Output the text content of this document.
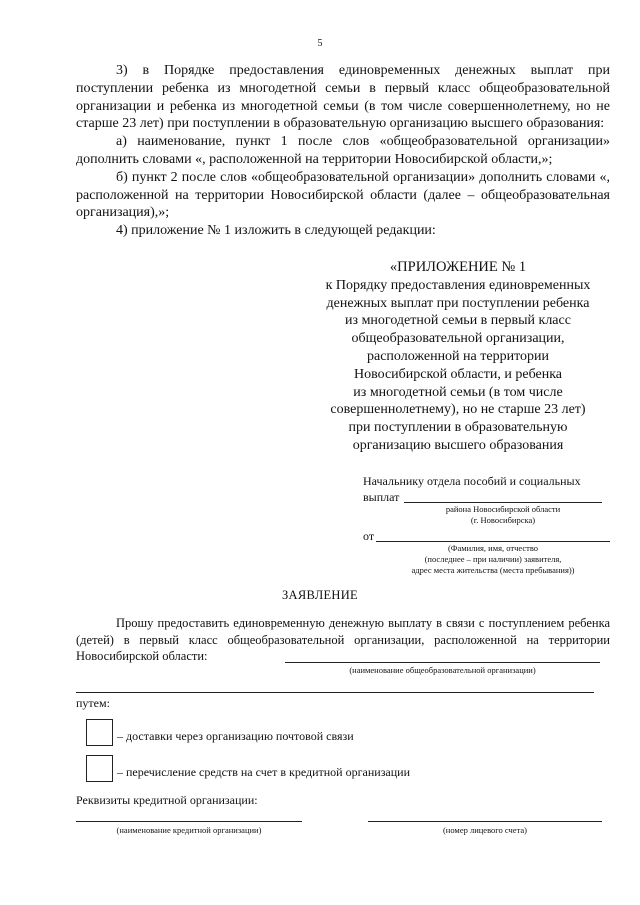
5
3) в Порядке предоставления единовременных денежных выплат при поступлении ребенка из многодетной семьи в первый класс общеобразовательной организации и ребенка из многодетной семьи (в том числе совершеннолетнему, но не старше 23 лет) при поступлении в образовательную организацию высшего образования:
а) наименование, пункт 1 после слов «общеобразовательной организации» дополнить словами «, расположенной на территории Новосибирской области,»;
б) пункт 2 после слов «общеобразовательной организации» дополнить словами «, расположенной на территории Новосибирской области (далее – общеобразовательная организация),»;
4) приложение № 1 изложить в следующей редакции:
«ПРИЛОЖЕНИЕ № 1
к Порядку предоставления единовременных
денежных выплат при поступлении ребенка
из многодетной семьи в первый класс
общеобразовательной организации,
расположенной на территории
Новосибирской области, и ребенка
из многодетной семьи (в том числе
совершеннолетнему), но не старше 23 лет)
при поступлении в образовательную
организацию высшего образования
Начальнику отдела пособий и социальных
выплат
района Новосибирской области
(г. Новосибирска)
от
(Фамилия, имя, отчество
(последнее – при наличии) заявителя,
адрес места жительства (места пребывания))
ЗАЯВЛЕНИЕ
Прошу предоставить единовременную денежную выплату в связи с поступлением ребенка (детей) в первый класс общеобразовательной организации, расположенной на территории Новосибирской области:
(наименование общеобразовательной организации)
путем:
– доставки через организацию почтовой связи
– перечисление средств на счет в кредитной организации
Реквизиты кредитной организации:
(наименование кредитной организации)	(номер лицевого счета)
